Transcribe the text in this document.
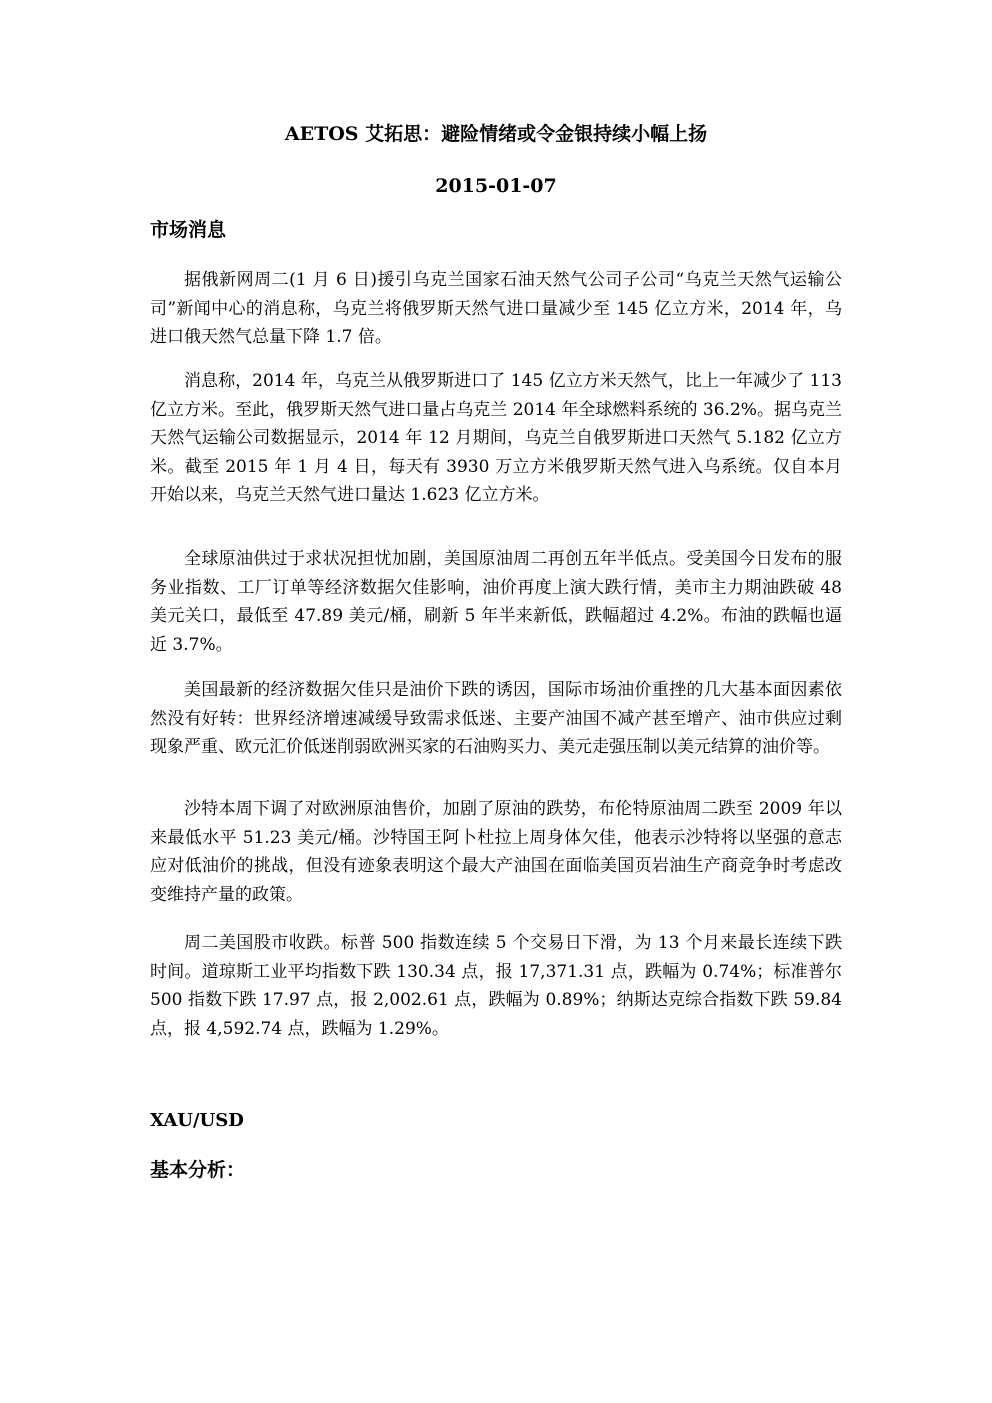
AETOS 艾拓思：避险情绪或令金银持续小幅上扬
2015-01-07
市场消息

据俄新网周二(1 月 6 日)援引乌克兰国家石油天然气公司子公司“乌克兰天然气运输公司”新闻中心的消息称，乌克兰将俄罗斯天然气进口量减少至 145 亿立方米，2014 年，乌进口俄天然气总量下降 1.7 倍。

消息称，2014 年，乌克兰从俄罗斯进口了 145 亿立方米天然气，比上一年减少了 113 亿立方米。至此，俄罗斯天然气进口量占乌克兰 2014 年全球燃料系统的 36.2%。据乌克兰天然气运输公司数据显示，2014 年 12 月期间，乌克兰自俄罗斯进口天然气 5.182 亿立方米。截至 2015 年 1 月 4 日，每天有 3930 万立方米俄罗斯天然气进入乌系统。仅自本月开始以来，乌克兰天然气进口量达 1.623 亿立方米。

全球原油供过于求状况担忧加剧，美国原油周二再创五年半低点。受美国今日发布的服务业指数、工厂订单等经济数据欠佳影响，油价再度上演大跌行情，美市主力期油跌破 48 美元关口，最低至 47.89 美元/桶，刷新 5 年半来新低，跌幅超过 4.2%。布油的跌幅也逼近 3.7%。

美国最新的经济数据欠佳只是油价下跌的诱因，国际市场油价重挫的几大基本面因素依然没有好转：世界经济增速减缓导致需求低迷、主要产油国不减产甚至增产、油市供应过剩现象严重、欧元汇价低迷削弱欧洲买家的石油购买力、美元走强压制以美元结算的油价等。

沙特本周下调了对欧洲原油售价，加剧了原油的跌势，布伦特原油周二跌至 2009 年以来最低水平 51.23 美元/桶。沙特国王阿卜杜拉上周身体欠佳，他表示沙特将以坚强的意志应对低油价的挑战，但没有迹象表明这个最大产油国在面临美国页岩油生产商竞争时考虑改变维持产量的政策。

周二美国股市收跌。标普 500 指数连续 5 个交易日下滑，为 13 个月来最长连续下跌时间。道琼斯工业平均指数下跌 130.34 点，报 17,371.31 点，跌幅为 0.74%；标准普尔 500 指数下跌 17.97 点，报 2,002.61 点，跌幅为 0.89%；纳斯达克综合指数下跌 59.84 点，报 4,592.74 点，跌幅为 1.29%。

XAU/USD
基本分析：
